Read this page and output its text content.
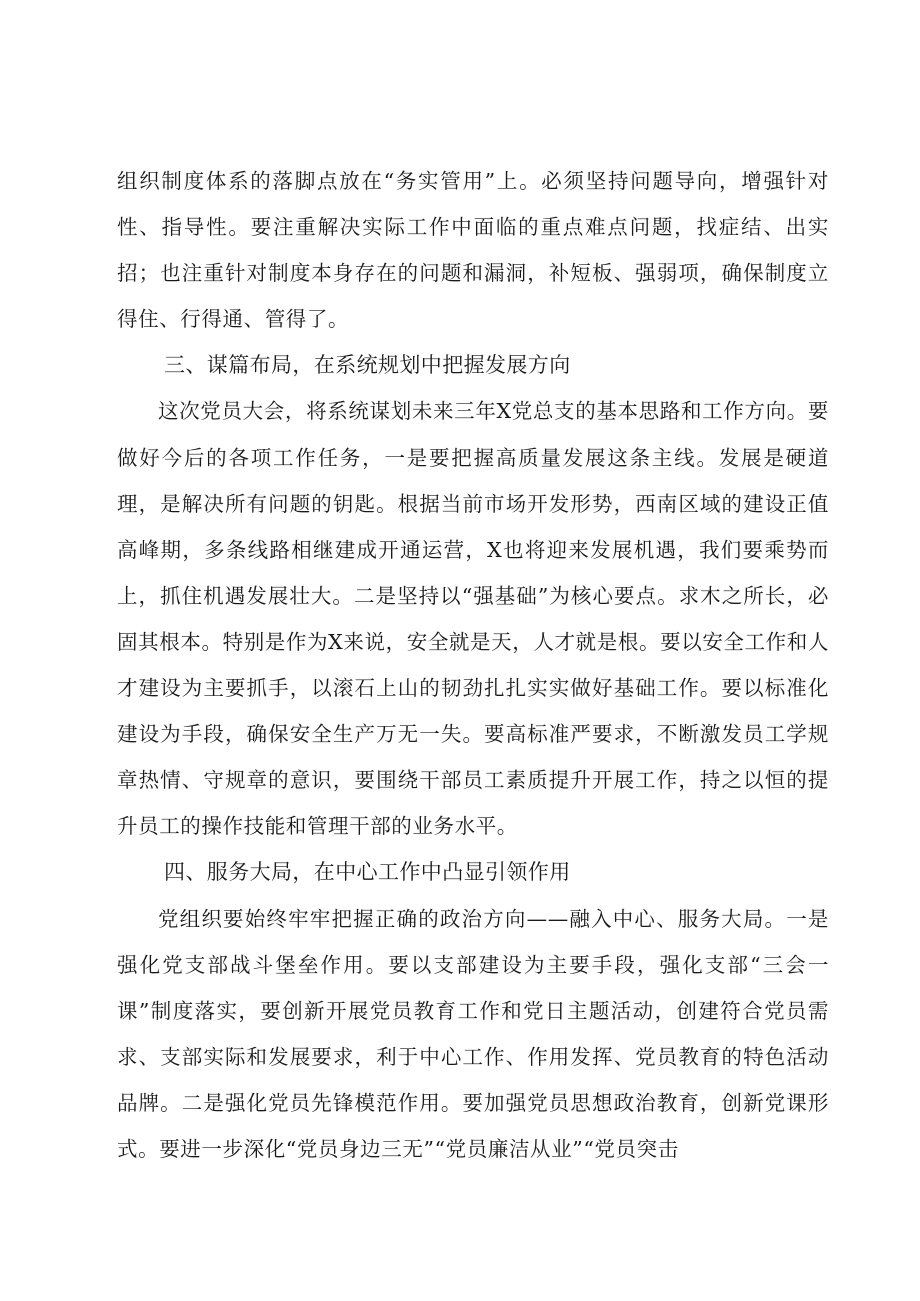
组织制度体系的落脚点放在“务实管用”上。必须坚持问题导向，增强针对性、指导性。要注重解决实际工作中面临的重点难点问题，找症结、出实招；也注重针对制度本身存在的问题和漏洞，补短板、强弱项，确保制度立得住、行得通、管得了。

三、谋篇布局，在系统规划中把握发展方向

这次党员大会，将系统谋划未来三年X党总支的基本思路和工作方向。要做好今后的各项工作任务，一是要把握高质量发展这条主线。发展是硬道理，是解决所有问题的钥匙。根据当前市场开发形势，西南区域的建设正值高峰期，多条线路相继建成开通运营，X也将迎来发展机遇，我们要乘势而上，抓住机遇发展壮大。二是坚持以“强基础”为核心要点。求木之所长，必固其根本。特别是作为X来说，安全就是天，人才就是根。要以安全工作和人才建设为主要抓手，以滚石上山的韧劲扎扎实实做好基础工作。要以标准化建设为手段，确保安全生产万无一失。要高标准严要求，不断激发员工学规章热情、守规章的意识，要围绕干部员工素质提升开展工作，持之以恒的提升员工的操作技能和管理干部的业务水平。

四、服务大局，在中心工作中凸显引领作用

党组织要始终牢牢把握正确的政治方向——融入中心、服务大局。一是强化党支部战斗堡垒作用。要以支部建设为主要手段，强化支部“三会一课”制度落实，要创新开展党员教育工作和党日主题活动，创建符合党员需求、支部实际和发展要求，利于中心工作、作用发挥、党员教育的特色活动品牌。二是强化党员先锋模范作用。要加强党员思想政治教育，创新党课形式。要进一步深化“党员身边三无”“党员廉洁从业”“党员突击
